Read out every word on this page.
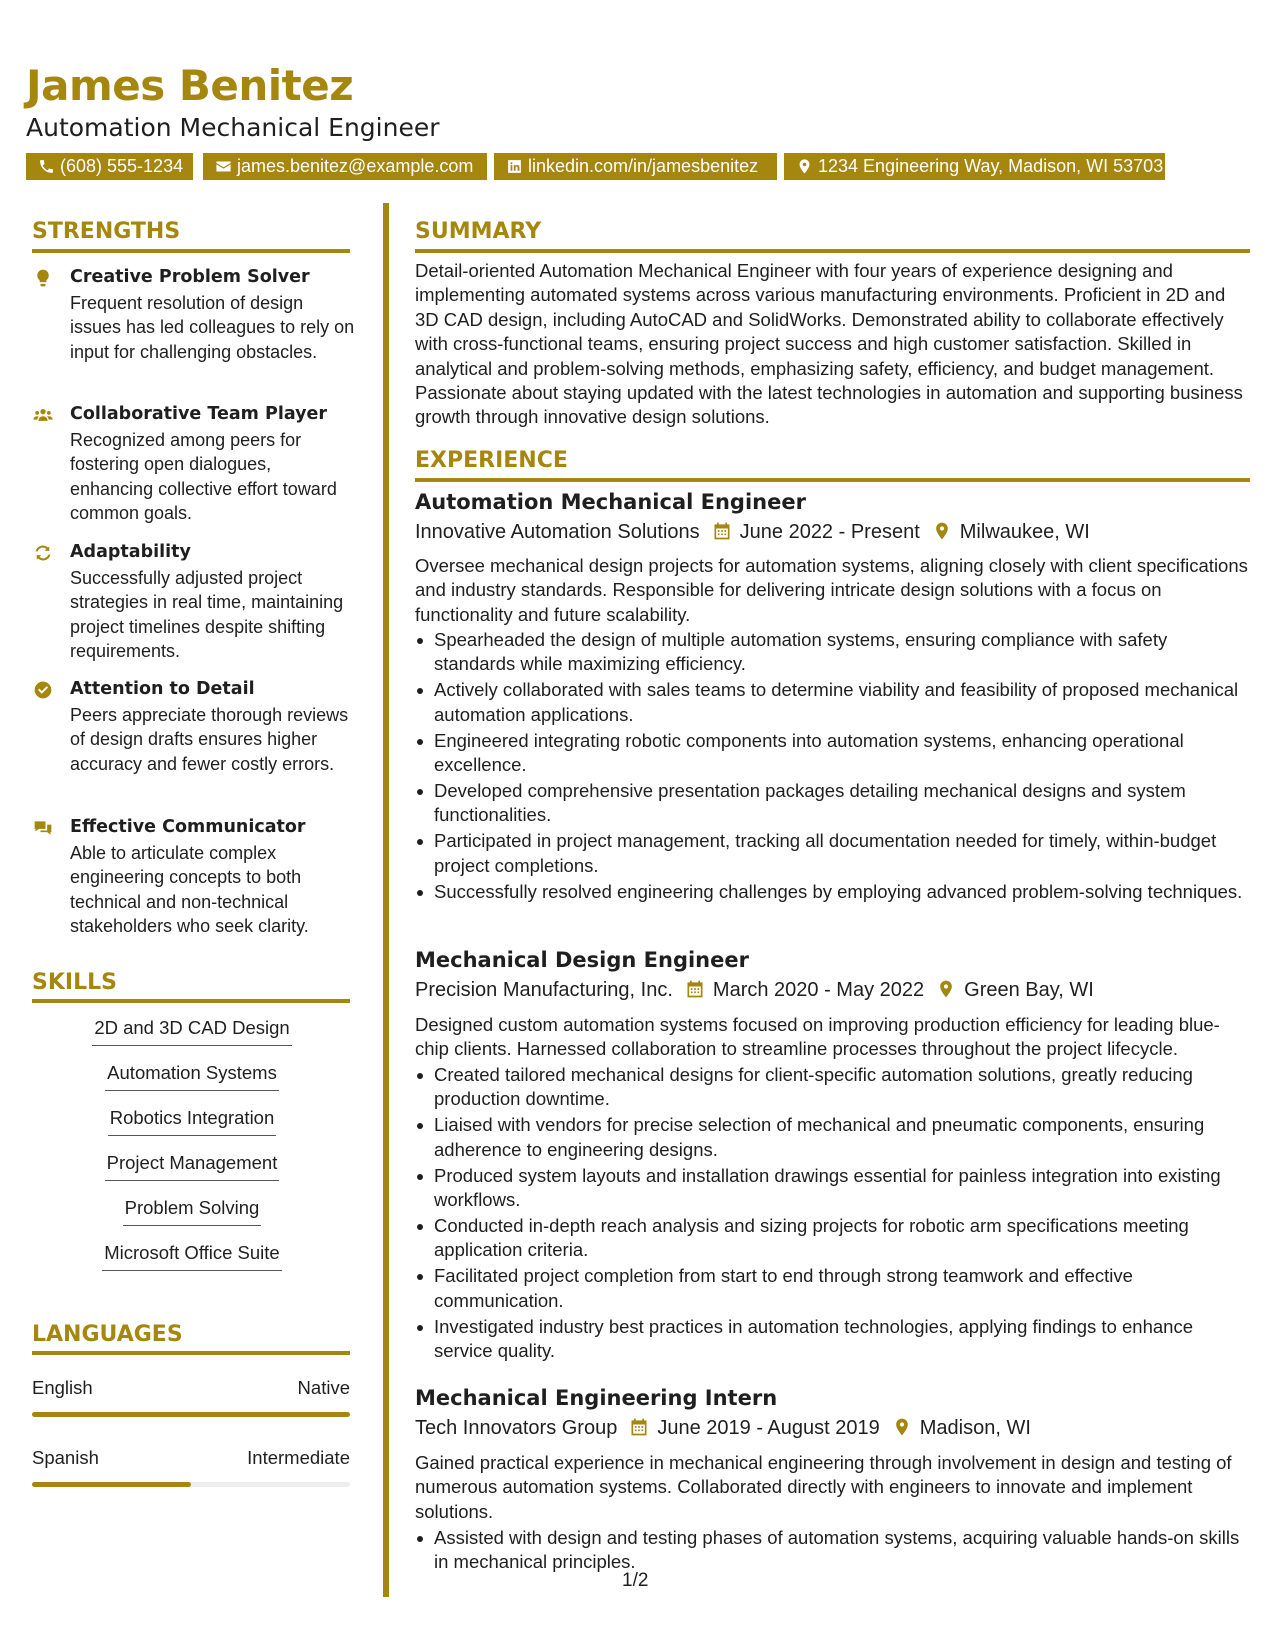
James Benitez
Automation Mechanical Engineer
(608) 555-1234	james.benitez@example.com	linkedin.com/in/jamesbenitez	1234 Engineering Way, Madison, WI 53703
STRENGTHS
Creative Problem Solver
Frequent resolution of design issues has led colleagues to rely on input for challenging obstacles.
Collaborative Team Player
Recognized among peers for fostering open dialogues, enhancing collective effort toward common goals.
Adaptability
Successfully adjusted project strategies in real time, maintaining project timelines despite shifting requirements.
Attention to Detail
Peers appreciate thorough reviews of design drafts ensures higher accuracy and fewer costly errors.
Effective Communicator
Able to articulate complex engineering concepts to both technical and non-technical stakeholders who seek clarity.
SKILLS
2D and 3D CAD Design
Automation Systems
Robotics Integration
Project Management
Problem Solving
Microsoft Office Suite
LANGUAGES
English	Native
Spanish	Intermediate
SUMMARY
Detail-oriented Automation Mechanical Engineer with four years of experience designing and implementing automated systems across various manufacturing environments. Proficient in 2D and 3D CAD design, including AutoCAD and SolidWorks. Demonstrated ability to collaborate effectively with cross-functional teams, ensuring project success and high customer satisfaction. Skilled in analytical and problem-solving methods, emphasizing safety, efficiency, and budget management. Passionate about staying updated with the latest technologies in automation and supporting business growth through innovative design solutions.
EXPERIENCE
Automation Mechanical Engineer
Innovative Automation Solutions June 2022 - Present Milwaukee, WI
Oversee mechanical design projects for automation systems, aligning closely with client specifications and industry standards. Responsible for delivering intricate design solutions with a focus on functionality and future scalability.
Spearheaded the design of multiple automation systems, ensuring compliance with safety standards while maximizing efficiency.
Actively collaborated with sales teams to determine viability and feasibility of proposed mechanical automation applications.
Engineered integrating robotic components into automation systems, enhancing operational excellence.
Developed comprehensive presentation packages detailing mechanical designs and system functionalities.
Participated in project management, tracking all documentation needed for timely, within-budget project completions.
Successfully resolved engineering challenges by employing advanced problem-solving techniques.
Mechanical Design Engineer
Precision Manufacturing, Inc. March 2020 - May 2022 Green Bay, WI
Designed custom automation systems focused on improving production efficiency for leading blue-chip clients. Harnessed collaboration to streamline processes throughout the project lifecycle.
Created tailored mechanical designs for client-specific automation solutions, greatly reducing production downtime.
Liaised with vendors for precise selection of mechanical and pneumatic components, ensuring adherence to engineering designs.
Produced system layouts and installation drawings essential for painless integration into existing workflows.
Conducted in-depth reach analysis and sizing projects for robotic arm specifications meeting application criteria.
Facilitated project completion from start to end through strong teamwork and effective communication.
Investigated industry best practices in automation technologies, applying findings to enhance service quality.
Mechanical Engineering Intern
Tech Innovators Group June 2019 - August 2019 Madison, WI
Gained practical experience in mechanical engineering through involvement in design and testing of numerous automation systems. Collaborated directly with engineers to innovate and implement solutions.
Assisted with design and testing phases of automation systems, acquiring valuable hands-on skills in mechanical principles.
1/2
